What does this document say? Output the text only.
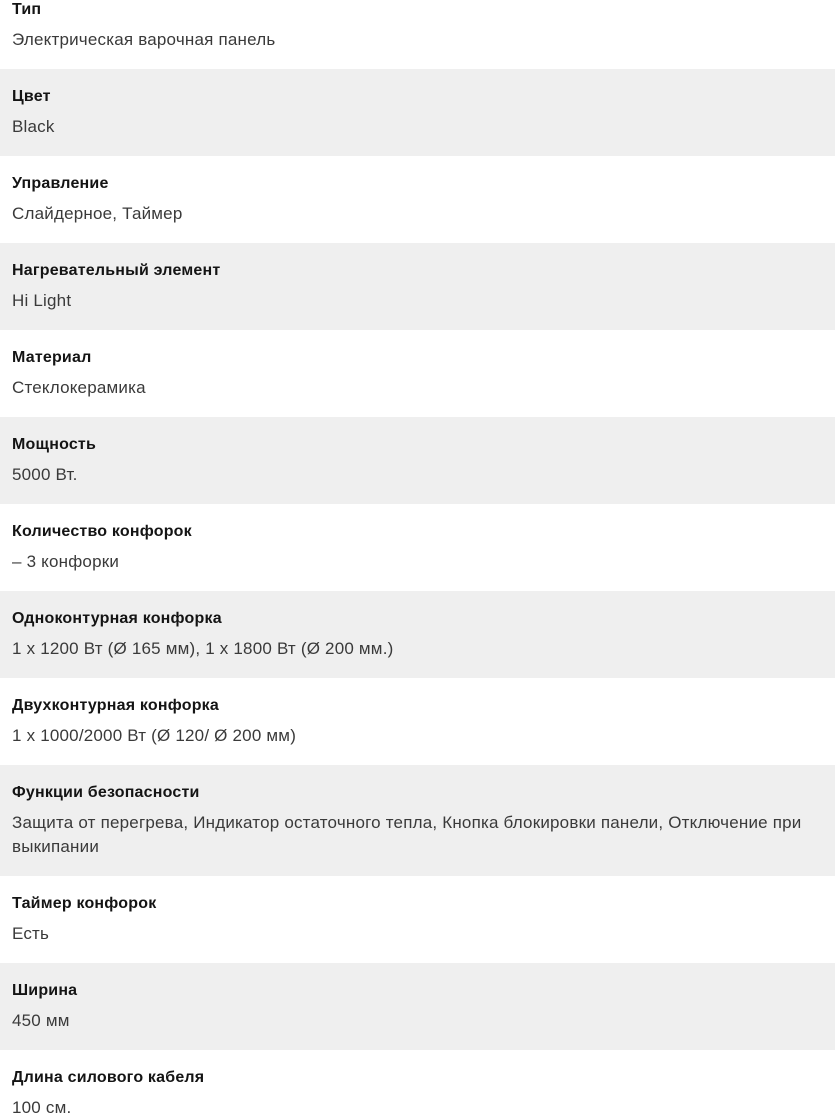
Тип
Электрическая варочная панель
Цвет
Black
Управление
Слайдерное, Таймер
Нагревательный элемент
Hi Light
Материал
Стеклокерамика
Мощность
5000 Вт.
Количество конфорок
– 3 конфорки
Одноконтурная конфорка
1 x 1200 Вт (Ø 165 мм), 1 x 1800 Вт (Ø 200 мм.)
Двухконтурная конфорка
1 x 1000/2000 Вт (Ø 120/ Ø 200 мм)
Функции безопасности
Защита от перегрева, Индикатор остаточного тепла, Кнопка блокировки панели, Отключение при выкипании
Таймер конфорок
Есть
Ширина
450 мм
Длина силового кабеля
100 см.
